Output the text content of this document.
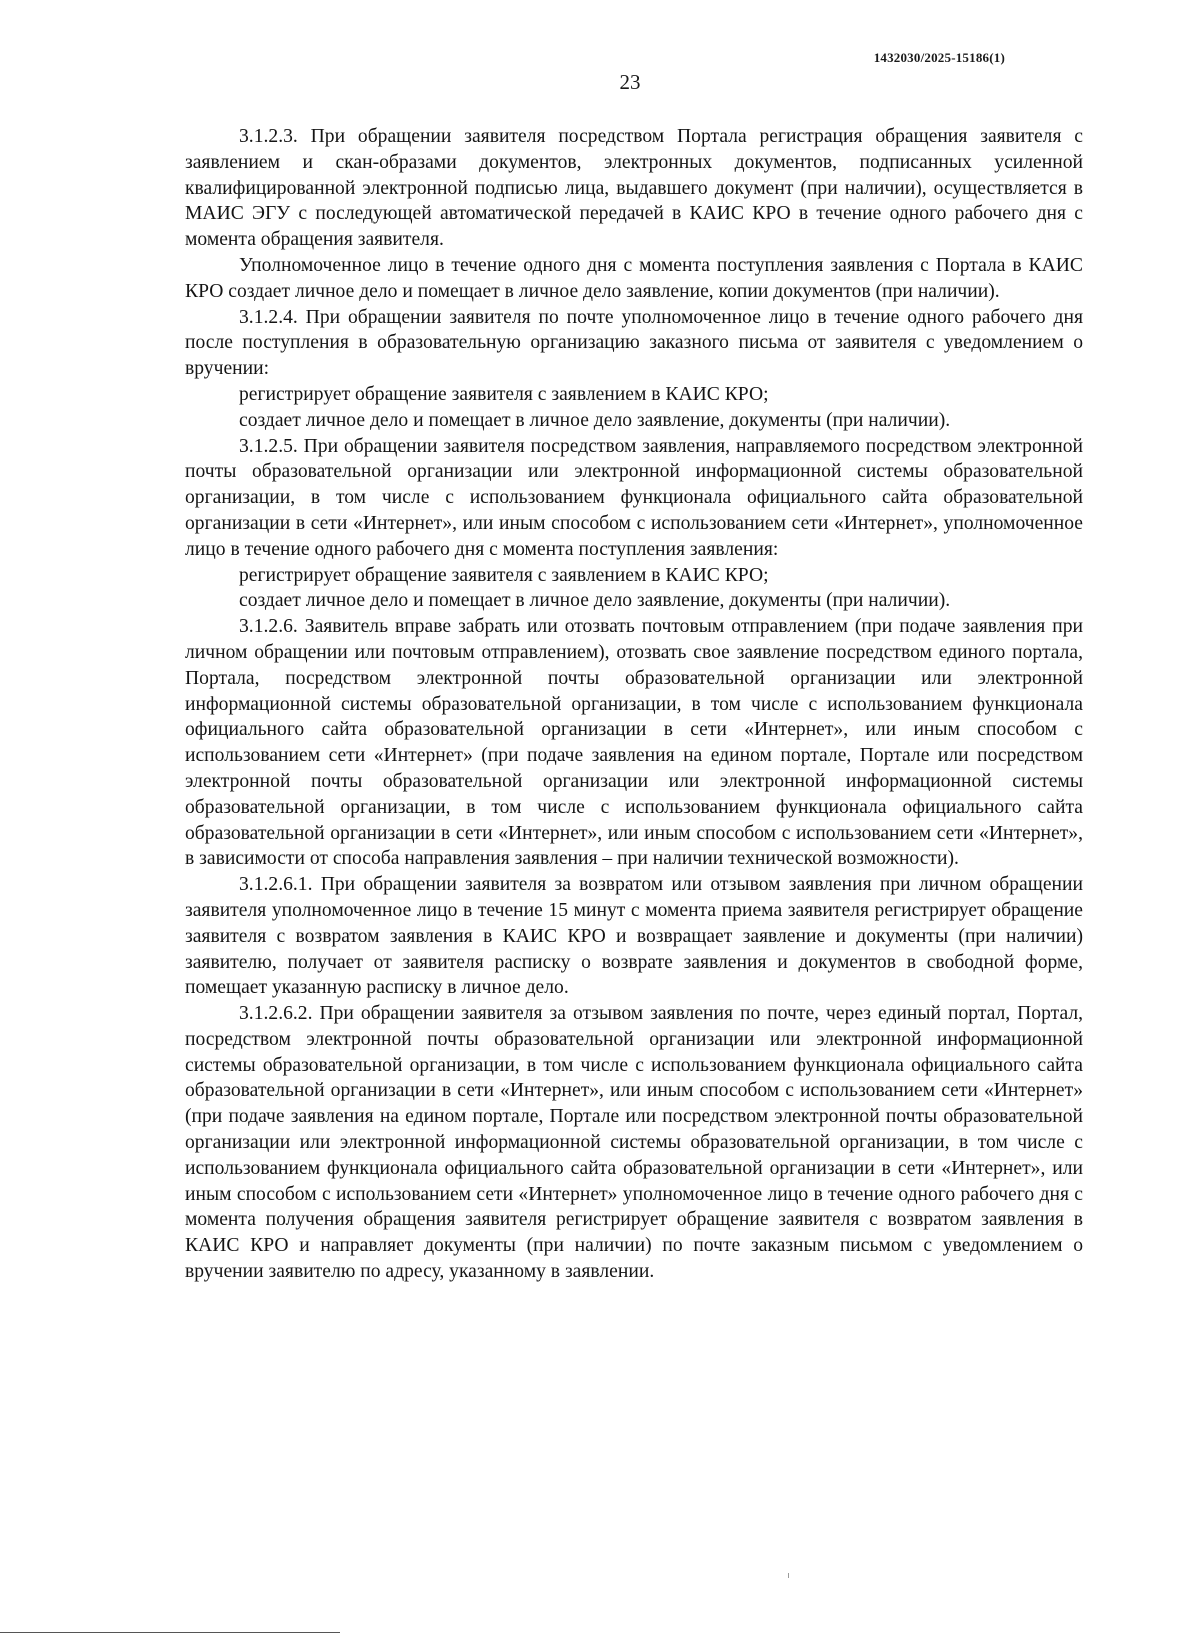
1432030/2025-15186(1)
23

3.1.2.3. При обращении заявителя посредством Портала регистрация обращения заявителя с заявлением и скан-образами документов, электронных документов, подписанных усиленной квалифицированной электронной подписью лица, выдавшего документ (при наличии), осуществляется в МАИС ЭГУ с последующей автоматической передачей в КАИС КРО в течение одного рабочего дня с момента обращения заявителя.

Уполномоченное лицо в течение одного дня с момента поступления заявления с Портала в КАИС КРО создает личное дело и помещает в личное дело заявление, копии документов (при наличии).

3.1.2.4. При обращении заявителя по почте уполномоченное лицо в течение одного рабочего дня после поступления в образовательную организацию заказного письма от заявителя с уведомлением о вручении:

регистрирует обращение заявителя с заявлением в КАИС КРО;

создает личное дело и помещает в личное дело заявление, документы (при наличии).

3.1.2.5. При обращении заявителя посредством заявления, направляемого посредством электронной почты образовательной организации или электронной информационной системы образовательной организации, в том числе с использованием функционала официального сайта образовательной организации в сети «Интернет», или иным способом с использованием сети «Интернет», уполномоченное лицо в течение одного рабочего дня с момента поступления заявления:

регистрирует обращение заявителя с заявлением в КАИС КРО;

создает личное дело и помещает в личное дело заявление, документы (при наличии).

3.1.2.6. Заявитель вправе забрать или отозвать почтовым отправлением (при подаче заявления при личном обращении или почтовым отправлением), отозвать свое заявление посредством единого портала, Портала, посредством электронной почты образовательной организации или электронной информационной системы образовательной организации, в том числе с использованием функционала официального сайта образовательной организации в сети «Интернет», или иным способом с использованием сети «Интернет» (при подаче заявления на едином портале, Портале или посредством электронной почты образовательной организации или электронной информационной системы образовательной организации, в том числе с использованием функционала официального сайта образовательной организации в сети «Интернет», или иным способом с использованием сети «Интернет», в зависимости от способа направления заявления – при наличии технической возможности).

3.1.2.6.1. При обращении заявителя за возвратом или отзывом заявления при личном обращении заявителя уполномоченное лицо в течение 15 минут с момента приема заявителя регистрирует обращение заявителя с возвратом заявления в КАИС КРО и возвращает заявление и документы (при наличии) заявителю, получает от заявителя расписку о возврате заявления и документов в свободной форме, помещает указанную расписку в личное дело.

3.1.2.6.2. При обращении заявителя за отзывом заявления по почте, через единый портал, Портал, посредством электронной почты образовательной организации или электронной информационной системы образовательной организации, в том числе с использованием функционала официального сайта образовательной организации в сети «Интернет», или иным способом с использованием сети «Интернет» (при подаче заявления на едином портале, Портале или посредством электронной почты образовательной организации или электронной информационной системы образовательной организации, в том числе с использованием функционала официального сайта образовательной организации в сети «Интернет», или иным способом с использованием сети «Интернет» уполномоченное лицо в течение одного рабочего дня с момента получения обращения заявителя регистрирует обращение заявителя с возвратом заявления в КАИС КРО и направляет документы (при наличии) по почте заказным письмом с уведомлением о вручении заявителю по адресу, указанному в заявлении.
